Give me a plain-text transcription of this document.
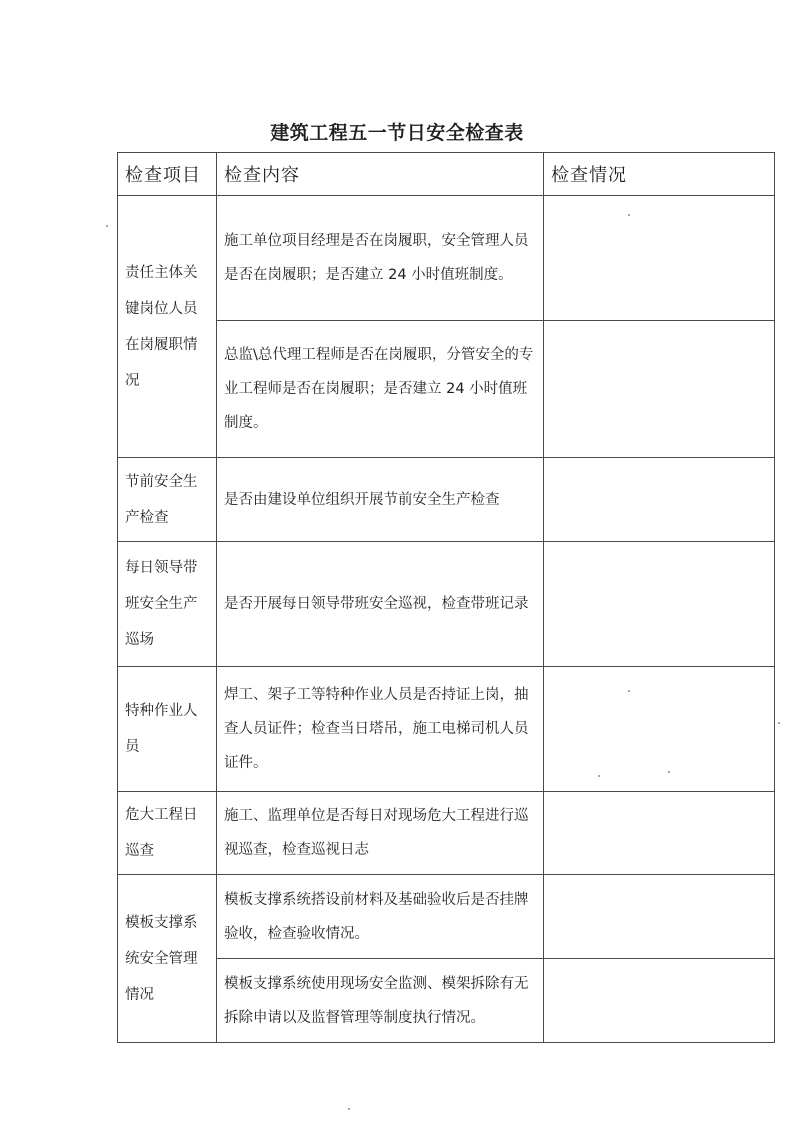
建筑工程五一节日安全检查表
检查项目	检查内容	检查情况
责任主体关键岗位人员在岗履职情况	施工单位项目经理是否在岗履职，安全管理人员是否在岗履职；是否建立 24 小时值班制度。	
	总监\总代理工程师是否在岗履职，分管安全的专业工程师是否在岗履职；是否建立 24 小时值班制度。	
节前安全生产检查	是否由建设单位组织开展节前安全生产检查	
每日领导带班安全生产巡场	是否开展每日领导带班安全巡视，检查带班记录	
特种作业人员	焊工、架子工等特种作业人员是否持证上岗，抽查人员证件；检查当日塔吊，施工电梯司机人员证件。	
危大工程日巡查	施工、监理单位是否每日对现场危大工程进行巡视巡查，检查巡视日志	
模板支撑系统安全管理情况	模板支撑系统搭设前材料及基础验收后是否挂牌验收，检查验收情况。	
	模板支撑系统使用现场安全监测、模架拆除有无拆除申请以及监督管理等制度执行情况。	
